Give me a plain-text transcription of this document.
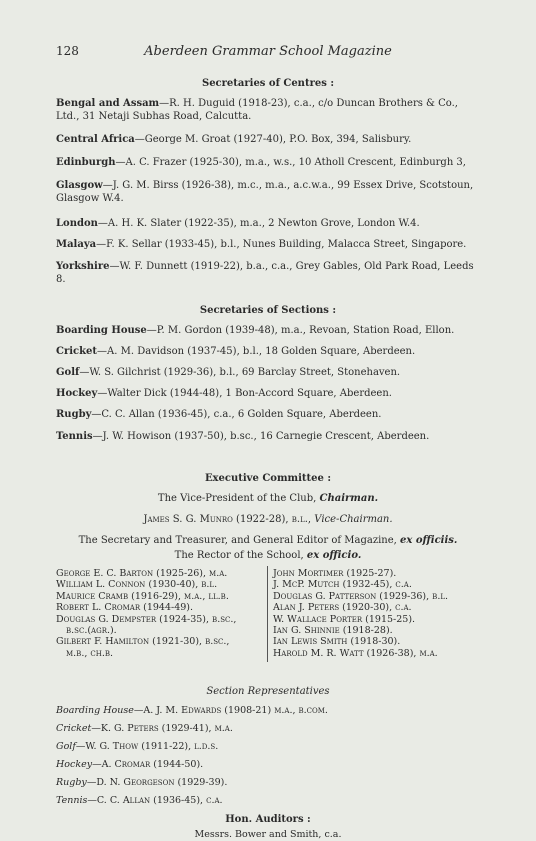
128	Aberdeen Grammar School Magazine
Secretaries of Centres :
Bengal and Assam—R. H. Duguid (1918-23), c.a., c/o Duncan Brothers & Co., Ltd., 31 Netaji Subhas Road, Calcutta.
Central Africa—George M. Groat (1927-40), P.O. Box, 394, Salisbury.
Edinburgh—A. C. Frazer (1925-30), m.a., w.s., 10 Atholl Crescent, Edinburgh 3,
Glasgow—J. G. M. Birss (1926-38), m.c., m.a., a.c.w.a., 99 Essex Drive, Scotstoun, Glasgow W.4.
London—A. H. K. Slater (1922-35), m.a., 2 Newton Grove, London W.4.
Malaya—F. K. Sellar (1933-45), b.l., Nunes Building, Malacca Street, Singapore.
Yorkshire—W. F. Dunnett (1919-22), b.a., c.a., Grey Gables, Old Park Road, Leeds 8.
Secretaries of Sections :
Boarding House—P. M. Gordon (1939-48), m.a., Revoan, Station Road, Ellon.
Cricket—A. M. Davidson (1937-45), b.l., 18 Golden Square, Aberdeen.
Golf—W. S. Gilchrist (1929-36), b.l., 69 Barclay Street, Stonehaven.
Hockey—Walter Dick (1944-48), 1 Bon-Accord Square, Aberdeen.
Rugby—C. C. Allan (1936-45), c.a., 6 Golden Square, Aberdeen.
Tennis—J. W. Howison (1937-50), b.sc., 16 Carnegie Crescent, Aberdeen.
Executive Committee :
The Vice-President of the Club, Chairman.
James S. G. Munro (1922-28), b.l., Vice-Chairman.
The Secretary and Treasurer, and General Editor of Magazine, ex officiis.
The Rector of the School, ex officio.
George E. C. Barton (1925-26), m.a.
William L. Connon (1930-40), b.l.
Maurice Cramb (1916-29), m.a., ll.b.
Robert L. Cromar (1944-49).
Douglas G. Dempster (1924-35), b.sc.,
b.sc.(agr.).
Gilbert F. Hamilton (1921-30), b.sc.,
m.b., ch.b.
John Mortimer (1925-27).
J. McP. Mutch (1932-45), c.a.
Douglas G. Patterson (1929-36), b.l.
Alan J. Peters (1920-30), c.a.
W. Wallace Porter (1915-25).
Ian G. Shinnie (1918-28).
Ian Lewis Smith (1918-30).
Harold M. R. Watt (1926-38), m.a.
Section Representatives
Boarding House—A. J. M. Edwards (1908-21) m.a., b.com.
Cricket—K. G. Peters (1929-41), m.a.
Golf—W. G. Thow (1911-22), l.d.s.
Hockey—A. Cromar (1944-50).
Rugby—D. N. Georgeson (1929-39).
Tennis—C. C. Allan (1936-45), c.a.
Hon. Auditors :
Messrs. Bower and Smith, c.a.
